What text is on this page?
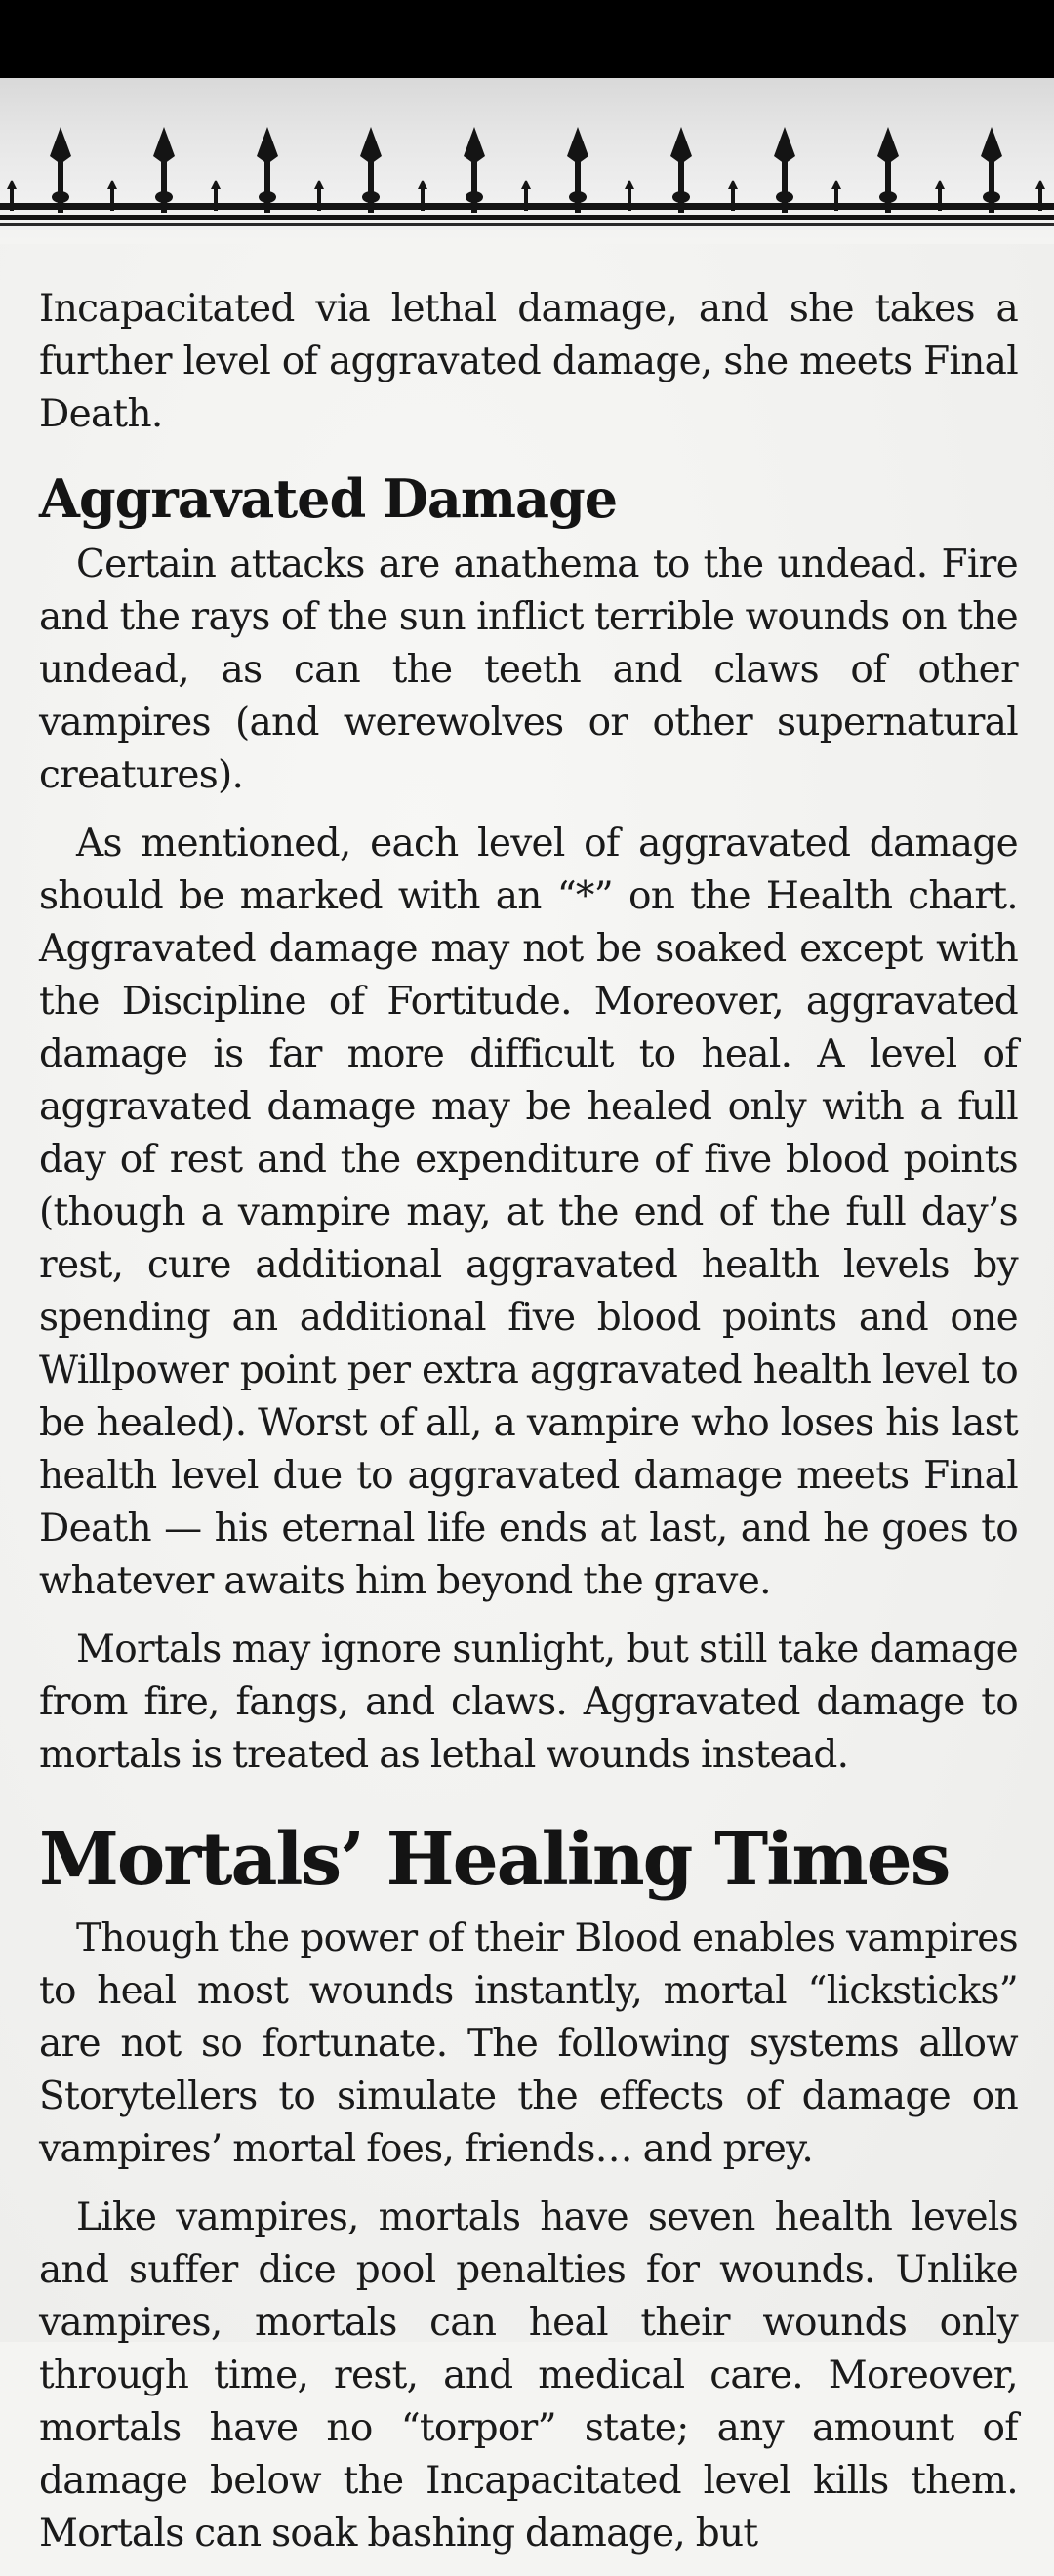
Incapacitated via lethal damage, and she takes a further level of aggravated damage, she meets Final Death.

Aggravated Damage

Certain attacks are anathema to the undead. Fire and the rays of the sun inflict terrible wounds on the undead, as can the teeth and claws of other vampires (and werewolves or other supernatural creatures).

As mentioned, each level of aggravated damage should be marked with an “*” on the Health chart. Aggravated damage may not be soaked except with the Discipline of Fortitude. Moreover, aggravated damage is far more difficult to heal. A level of aggravated damage may be healed only with a full day of rest and the expenditure of five blood points (though a vampire may, at the end of the full day’s rest, cure additional aggravated health levels by spending an additional five blood points and one Willpower point per extra aggravated health level to be healed). Worst of all, a vampire who loses his last health level due to aggravated damage meets Final Death — his eternal life ends at last, and he goes to whatever awaits him beyond the grave.

Mortals may ignore sunlight, but still take damage from fire, fangs, and claws. Aggravated damage to mortals is treated as lethal wounds instead.

Mortals’ Healing Times

Though the power of their Blood enables vampires to heal most wounds instantly, mortal “licksticks” are not so fortunate. The following systems allow Storytellers to simulate the effects of damage on vampires’ mortal foes, friends… and prey.

Like vampires, mortals have seven health levels and suffer dice pool penalties for wounds. Unlike vampires, mortals can heal their wounds only through time, rest, and medical care. Moreover, mortals have no “torpor” state; any amount of damage below the Incapacitated level kills them. Mortals can soak bashing damage, but
